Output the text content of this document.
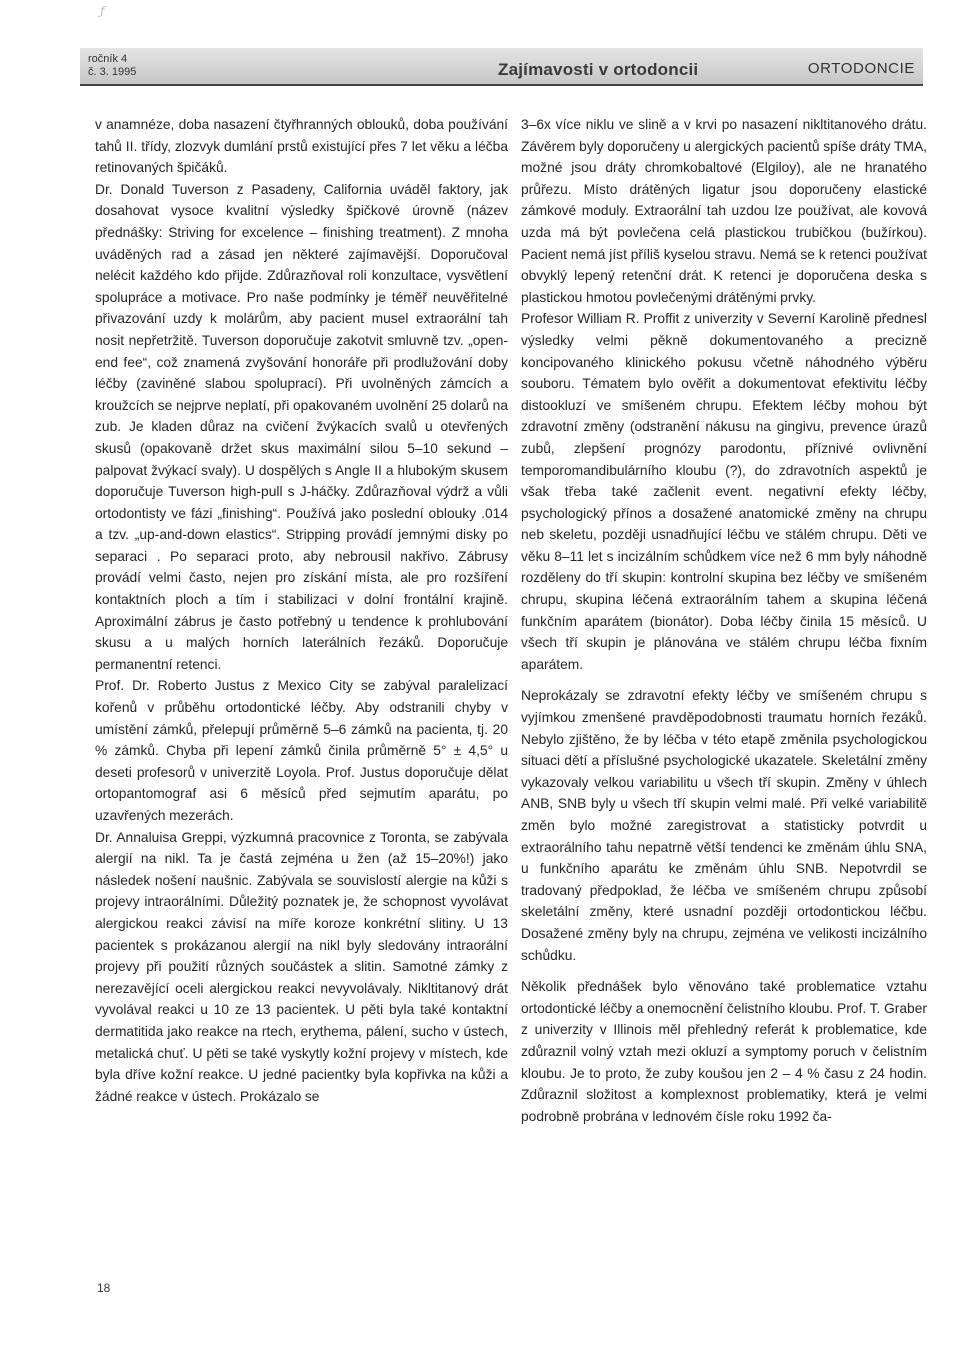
ƒ
ročník 4
č. 3. 1995	Zajímavosti v ortodoncii	ORTODONCIE

v anamnéze, doba nasazení čtyřhranných oblouků, doba používání tahů II. třídy, zlozvyk dumlání prstů existující přes 7 let věku a léčba retinovaných špičáků.

Dr. Donald Tuverson z Pasadeny, California uváděl faktory, jak dosahovat vysoce kvalitní výsledky špičkové úrovně (název přednášky: Striving for excelence – finishing treatment). Z mnoha uváděných rad a zásad jen některé zajímavější. Doporučoval nelécit každého kdo přijde. Zdůrazňoval roli konzultace, vysvětlení spolupráce a motivace. Pro naše podmínky je téměř neuvěřitelné přivazování uzdy k molárům, aby pacient musel extraorální tah nosit nepřetržitě. Tuverson doporučuje zakotvit smluvně tzv. „open-end fee“, což znamená zvyšování honoráře při prodlužování doby léčby (zaviněné slabou spoluprací). Při uvolněných zámcích a kroužcích se nejprve neplatí, při opakovaném uvolnění 25 dolarů na zub. Je kladen důraz na cvičení žvýkacích svalů u otevřených skusů (opakovaně držet skus maximální silou 5–10 sekund – palpovat žvýkací svaly). U dospělých s Angle II a hlubokým skusem doporučuje Tuverson high-pull s J-háčky. Zdůrazňoval výdrž a vůli ortodontisty ve fázi „finishing“. Používá jako poslední oblouky .014 a tzv. „up-and-down elastics“. Stripping provádí jemnými disky po separaci . Po separaci proto, aby nebrousil nakřivo. Zábrusy provádí velmi často, nejen pro získání místa, ale pro rozšíření kontaktních ploch a tím i stabilizaci v dolní frontální krajině. Aproximální zábrus je často potřebný u tendence k prohlubování skusu a u malých horních laterálních řezáků. Doporučuje permanentní retenci.

Prof. Dr. Roberto Justus z Mexico City se zabýval paralelizací kořenů v průběhu ortodontické léčby. Aby odstranili chyby v umístění zámků, přelepují průměrně 5–6 zámků na pacienta, tj. 20 % zámků. Chyba při lepení zámků činila průměrně 5° ± 4,5° u deseti profesorů v univerzitě Loyola. Prof. Justus doporučuje dělat ortopantomograf asi 6 měsíců před sejmutím aparátu, po uzavřených mezerách.

Dr. Annaluisa Greppi, výzkumná pracovnice z Toronta, se zabývala alergií na nikl. Ta je častá zejména u žen (až 15–20%!) jako následek nošení naušnic. Zabývala se souvislostí alergie na kůži s projevy intraorálními. Důležitý poznatek je, že schopnost vyvolávat alergickou reakci závisí na míře koroze konkrétní slitiny. U 13 pacientek s prokázanou alergií na nikl byly sledovány intraorální projevy při použití různých součástek a slitin. Samotné zámky z nerezavějící oceli alergickou reakci nevyvolávaly. Nikltitanový drát vyvolával reakci u 10 ze 13 pacientek. U pěti byla také kontaktní dermatitida jako reakce na rtech, erythema, pálení, sucho v ústech, metalická chuť. U pěti se také vyskytly kožní projevy v místech, kde byla dříve kožní reakce. U jedné pacientky byla kopřivka na kůži a žádné reakce v ústech. Prokázalo se

3–6x více niklu ve slině a v krvi po nasazení nikltitanového drátu. Závěrem byly doporučeny u alergických pacientů spíše dráty TMA, možné jsou dráty chromkobaltové (Elgiloy), ale ne hranatého průřezu. Místo drátěných ligatur jsou doporučeny elastické zámkové moduly. Extraorální tah uzdou lze používat, ale kovová uzda má být povlečena celá plastickou trubičkou (bužírkou). Pacient nemá jíst příliš kyselou stravu. Nemá se k retenci používat obvyklý lepený retenční drát. K retenci je doporučena deska s plastickou hmotou povlečenými drátěnými prvky.

Profesor William R. Proffit z univerzity v Severní Karolině přednesl výsledky velmi pěkně dokumentovaného a precizně koncipovaného klinického pokusu včetně náhodného výběru souboru. Tématem bylo ověřit a dokumentovat efektivitu léčby distookluzí ve smíšeném chrupu. Efektem léčby mohou být zdravotní změny (odstranění nákusu na gingivu, prevence úrazů zubů, zlepšení prognózy parodontu, příznivé ovlivnění temporomandibulárního kloubu (?), do zdravotních aspektů je však třeba také začlenit event. negativní efekty léčby, psychologický přínos a dosažené anatomické změny na chrupu neb skeletu, později usnadňující léčbu ve stálém chrupu. Děti ve věku 8–11 let s incizálním schůdkem více než 6 mm byly náhodně rozděleny do tří skupin: kontrolní skupina bez léčby ve smíšeném chrupu, skupina léčená extraorálním tahem a skupina léčená funkčním aparátem (bionátor). Doba léčby činila 15 měsíců. U všech tří skupin je plánována ve stálém chrupu léčba fixním aparátem.

Neprokázaly se zdravotní efekty léčby ve smíšeném chrupu s vyjímkou zmenšené pravděpodobnosti traumatu horních řezáků. Nebylo zjištěno, že by léčba v této etapě změnila psychologickou situaci dětí a příslušné psychologické ukazatele. Skeletální změny vykazovaly velkou variabilitu u všech tří skupin. Změny v úhlech ANB, SNB byly u všech tří skupin velmi malé. Při velké variabilitě změn bylo možné zaregistrovat a statisticky potvrdit u extraorálního tahu nepatrně větší tendenci ke změnám úhlu SNA, u funkčního aparátu ke změnám úhlu SNB. Nepotvrdil se tradovaný předpoklad, že léčba ve smíšeném chrupu způsobí skeletální změny, které usnadní později ortodontickou léčbu. Dosažené změny byly na chrupu, zejména ve velikosti incizálního schůdku.

Několik přednášek bylo věnováno také problematice vztahu ortodontické léčby a onemocnění čelistního kloubu. Prof. T. Graber z univerzity v Illinois měl přehledný referát k problematice, kde zdůraznil volný vztah mezi okluzí a symptomy poruch v čelistním kloubu. Je to proto, že zuby koušou jen 2 – 4 % času z 24 hodin. Zdůraznil složitost a komplexnost problematiky, která je velmi podrobně probrána v lednovém čísle roku 1992 ča-

18
